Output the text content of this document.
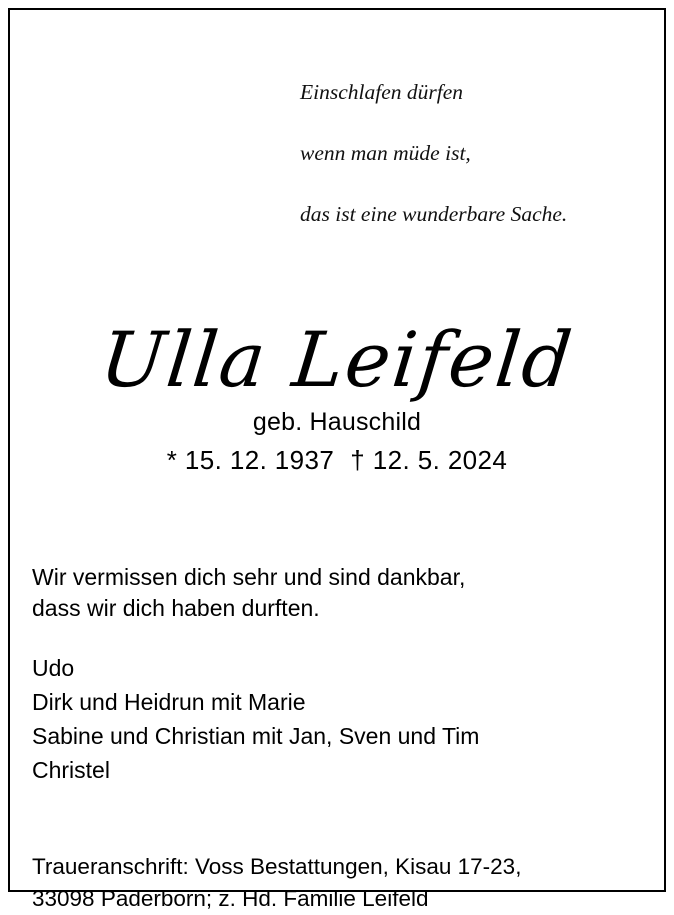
Einschlafen dürfen

wenn man müde ist,

das ist eine wunderbare Sache.

Ulla Leifeld
geb. Hauschild
* 15. 12. 1937 † 12. 5. 2024
Wir vermissen dich sehr und sind dankbar,
dass wir dich haben durften.
Udo
Dirk und Heidrun mit Marie
Sabine und Christian mit Jan, Sven und Tim
Christel
Traueranschrift: Voss Bestattungen, Kisau 17-23,
33098 Paderborn; z. Hd. Familie Leifeld
